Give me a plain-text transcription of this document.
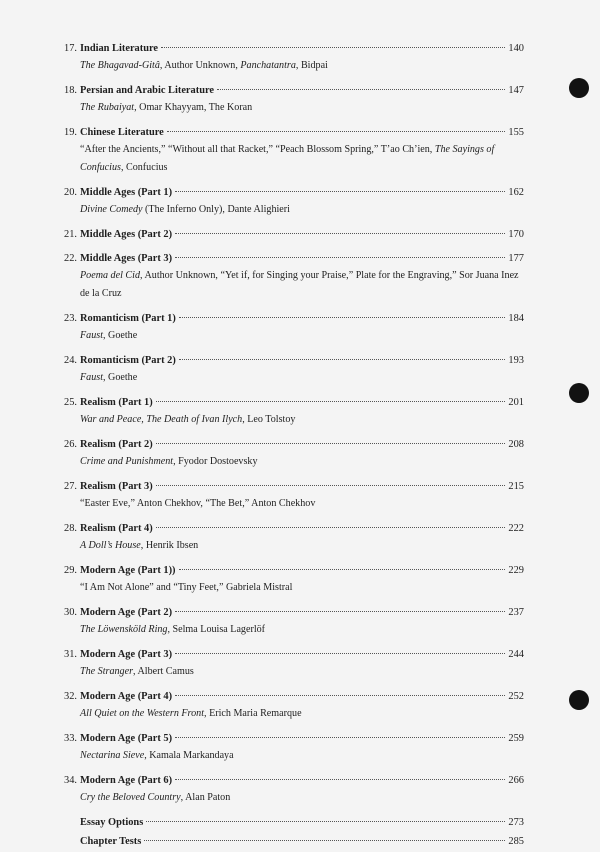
17. Indian Literature	140
The Bhagavad-Gitâ, Author Unknown, Panchatantra, Bidpai
18. Persian and Arabic Literature	147
The Rubaiyat, Omar Khayyam, The Koran
19. Chinese Literature	155
“After the Ancients,” “Without all that Racket,” “Peach Blossom Spring,” T’ao Ch’ien, The Sayings of Confucius, Confucius
20. Middle Ages (Part 1)	162
Divine Comedy (The Inferno Only), Dante Alighieri
21. Middle Ages (Part 2)	170
22. Middle Ages (Part 3)	177
Poema del Cid, Author Unknown, “Yet if, for Singing your Praise,” Plate for the Engraving,” Sor Juana Inez de la Cruz
23. Romanticism (Part 1)	184
Faust, Goethe
24. Romanticism (Part 2)	193
Faust, Goethe
25. Realism (Part 1)	201
War and Peace, The Death of Ivan Ilych, Leo Tolstoy
26. Realism (Part 2)	208
Crime and Punishment, Fyodor Dostoevsky
27. Realism (Part 3)	215
“Easter Eve,” Anton Chekhov, “The Bet,” Anton Chekhov
28. Realism (Part 4)	222
A Doll’s House, Henrik Ibsen
29. Modern Age (Part 1))	229
“I Am Not Alone” and “Tiny Feet,” Gabriela Mistral
30. Modern Age (Part 2)	237
The Löwensköld Ring, Selma Louisa Lagerlöf
31. Modern Age (Part 3)	244
The Stranger, Albert Camus
32. Modern Age (Part 4)	252
All Quiet on the Western Front, Erich Maria Remarque
33. Modern Age (Part 5)	259
Nectarina Sieve, Kamala Markandaya
34. Modern Age (Part 6)	266
Cry the Beloved Country, Alan Paton
Essay Options	273
Chapter Tests	285
